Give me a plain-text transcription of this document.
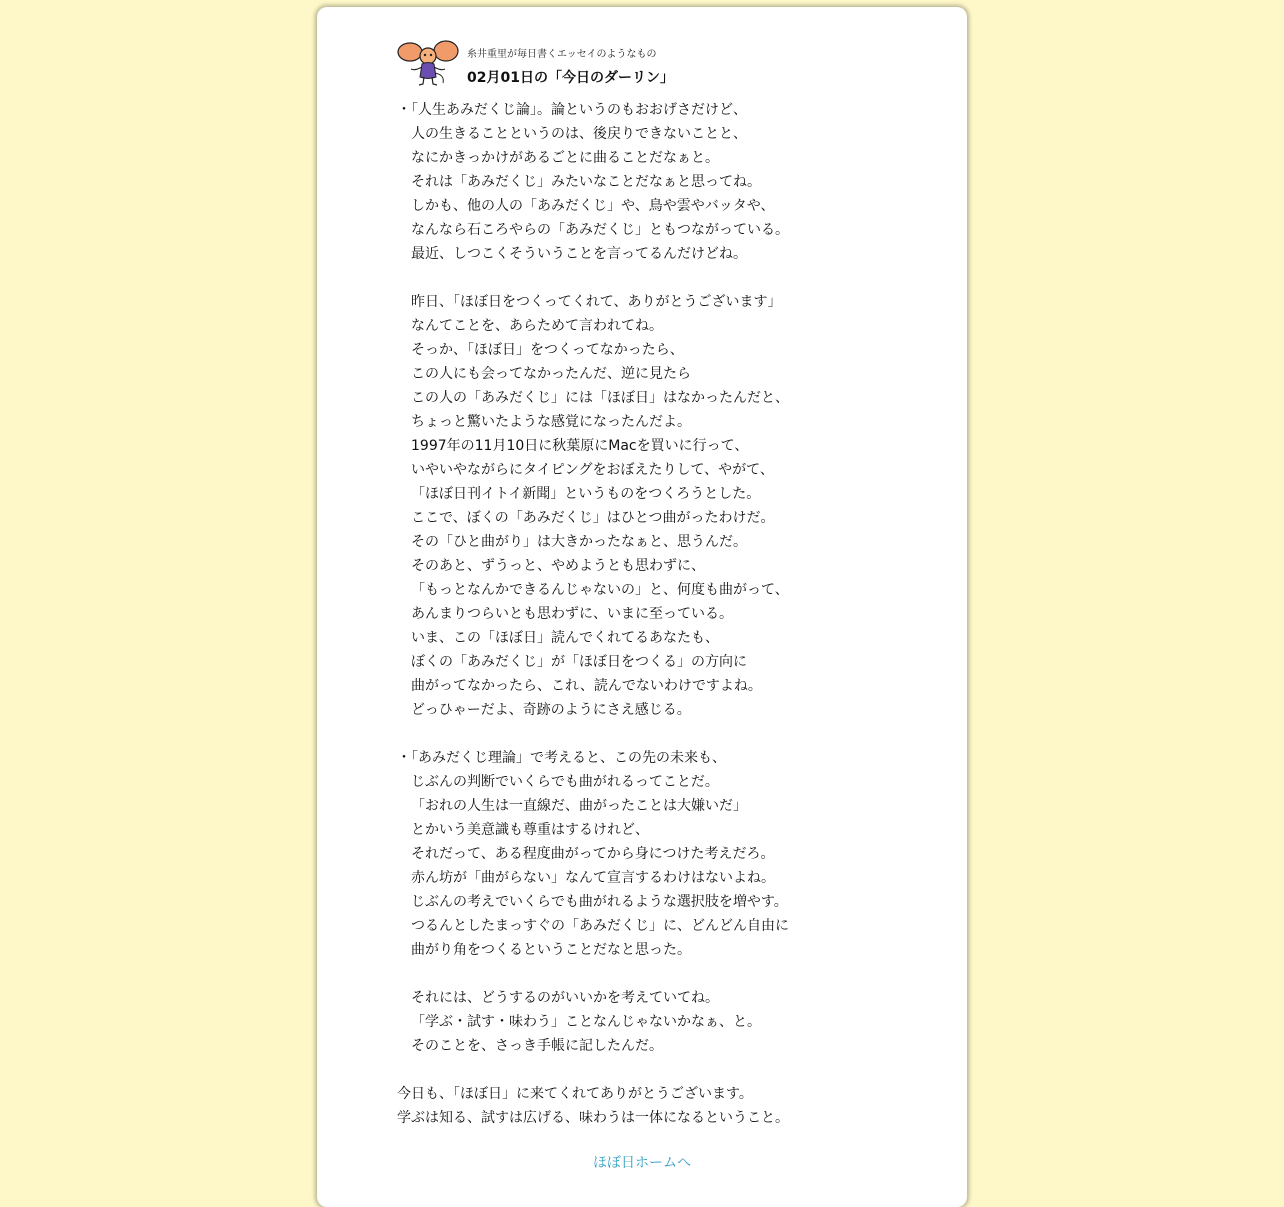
糸井重里が毎日書くエッセイのようなもの
02月01日の「今日のダーリン」
・「人生あみだくじ論」。論というのもおおげさだけど、
人の生きることというのは、後戻りできないことと、
なにかきっかけがあるごとに曲ることだなぁと。
それは「あみだくじ」みたいなことだなぁと思ってね。
しかも、他の人の「あみだくじ」や、鳥や雲やバッタや、
なんなら石ころやらの「あみだくじ」ともつながっている。
最近、しつこくそういうことを言ってるんだけどね。
昨日、「ほぼ日をつくってくれて、ありがとうございます」
なんてことを、あらためて言われてね。
そっか、「ほぼ日」をつくってなかったら、
この人にも会ってなかったんだ、逆に見たら
この人の「あみだくじ」には「ほぼ日」はなかったんだと、
ちょっと驚いたような感覚になったんだよ。
1997年の11月10日に秋葉原にMacを買いに行って、
いやいやながらにタイピングをおぼえたりして、やがて、
「ほぼ日刊イトイ新聞」というものをつくろうとした。
ここで、ぼくの「あみだくじ」はひとつ曲がったわけだ。
その「ひと曲がり」は大きかったなぁと、思うんだ。
そのあと、ずうっと、やめようとも思わずに、
「もっとなんかできるんじゃないの」と、何度も曲がって、
あんまりつらいとも思わずに、いまに至っている。
いま、この「ほぼ日」読んでくれてるあなたも、
ぼくの「あみだくじ」が「ほぼ日をつくる」の方向に
曲がってなかったら、これ、読んでないわけですよね。
どっひゃーだよ、奇跡のようにさえ感じる。
・「あみだくじ理論」で考えると、この先の未来も、
じぶんの判断でいくらでも曲がれるってことだ。
「おれの人生は一直線だ、曲がったことは大嫌いだ」
とかいう美意識も尊重はするけれど、
それだって、ある程度曲がってから身につけた考えだろ。
赤ん坊が「曲がらない」なんて宣言するわけはないよね。
じぶんの考えでいくらでも曲がれるような選択肢を増やす。
つるんとしたまっすぐの「あみだくじ」に、どんどん自由に
曲がり角をつくるということだなと思った。
それには、どうするのがいいかを考えていてね。
「学ぶ・試す・味わう」ことなんじゃないかなぁ、と。
そのことを、さっき手帳に記したんだ。
今日も、「ほぼ日」に来てくれてありがとうございます。
学ぶは知る、試すは広げる、味わうは一体になるということ。
ほぼ日ホームへ
